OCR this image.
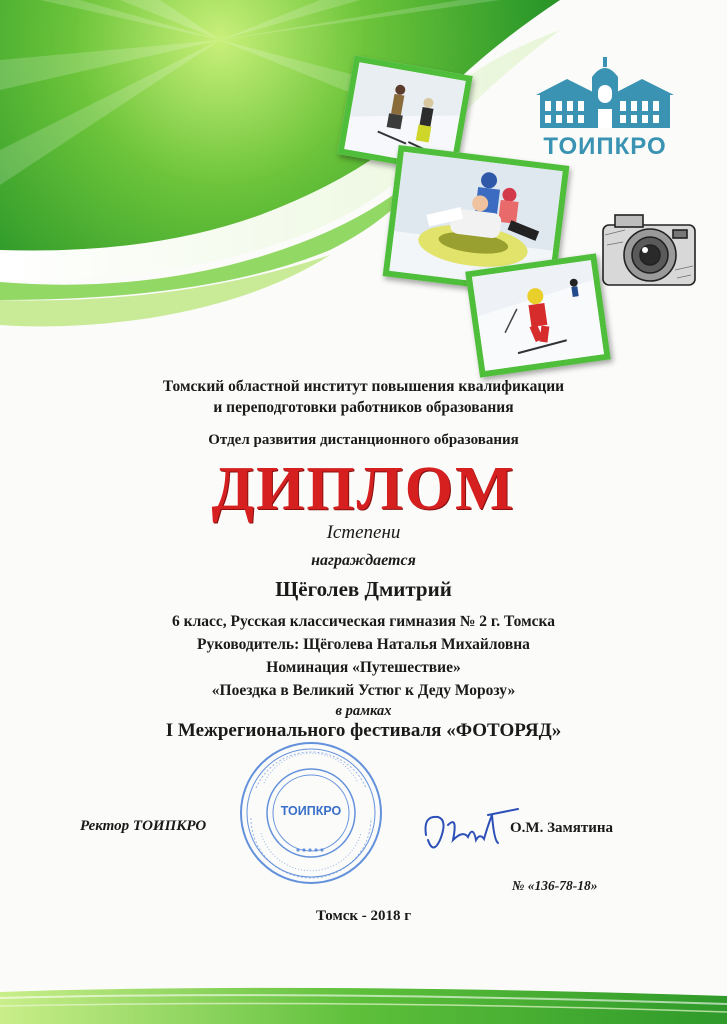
ТОИПКРО
Томский областной институт повышения квалификации
и переподготовки работников образования
Отдел развития дистанционного образования
ДИПЛОМ
Iстепени
награждается
Щёголев Дмитрий
6 класс, Русская классическая гимназия № 2 г. Томска
Руководитель: Щёголева Наталья Михайловна
Номинация «Путешествие»
«Поездка в Великий Устюг к Деду Морозу»
в рамках
I Межрегионального фестиваля «ФОТОРЯД»
ТОИПКРО
Ректор ТОИПКРО	О.М. Замятина
№ «136-78-18»
Томск - 2018 г
